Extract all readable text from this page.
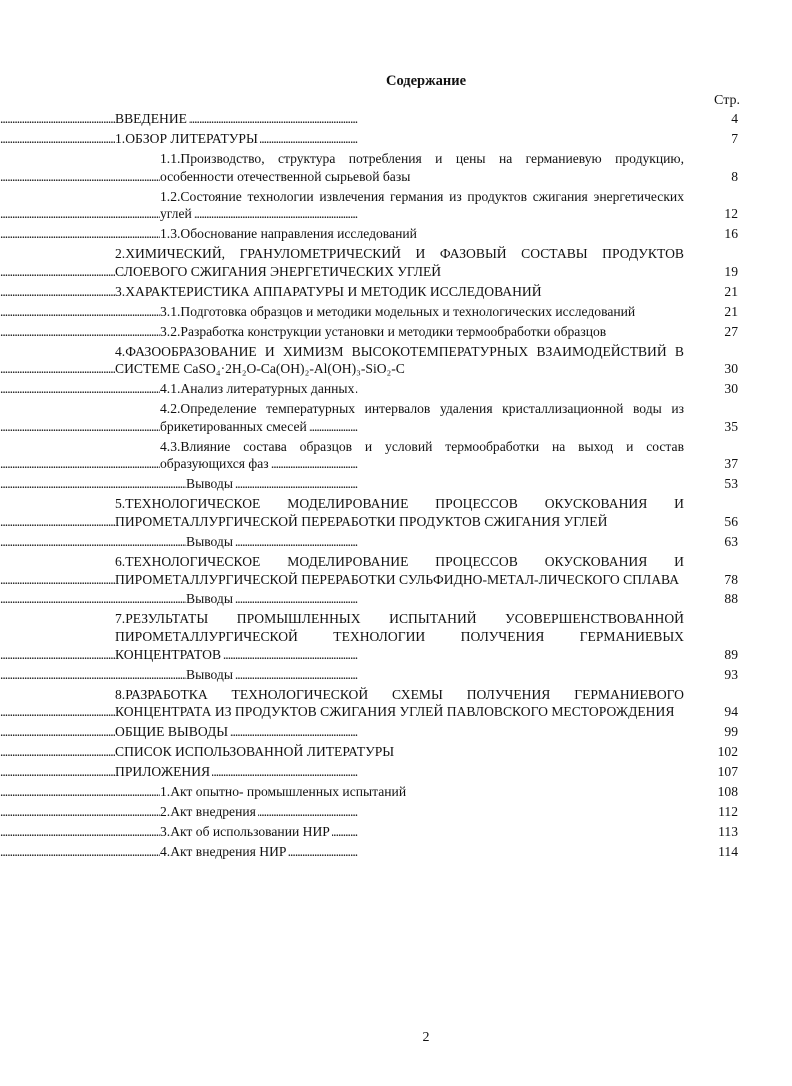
Содержание
Стр.
ВВЕДЕНИЕ . . .	4
1.ОБЗОР ЛИТЕРАТУРЫ . . .	7
1.1.Производство, структура потребления и цены на германиевую продукцию, особенности отечественной сырьевой базы . . .	8
1.2.Состояние технологии извлечения германия из продуктов сжигания энергетических углей . . .	12
1.3.Обоснование направления исследований . . .	16
2.ХИМИЧЕСКИЙ, ГРАНУЛОМЕТРИЧЕСКИЙ И ФАЗОВЫЙ СОСТАВЫ ПРОДУКТОВ СЛОЕВОГО СЖИГАНИЯ ЭНЕРГЕТИЧЕСКИХ УГЛЕЙ . . .	19
3.ХАРАКТЕРИСТИКА АППАРАТУРЫ И МЕТОДИК ИССЛЕДОВАНИЙ . . .	21
3.1.Подготовка образцов и методики модельных и технологических исследований . . .	21
3.2.Разработка конструкции установки и методики термообработки образцов . . .	27
4.ФАЗООБРАЗОВАНИЕ И ХИМИЗМ ВЫСОКОТЕМПЕРАТУРНЫХ ВЗАИМОДЕЙСТВИЙ В СИСТЕМЕ CaSO₄·2H₂O-Ca(OH)₂-Al(OH)₃-SiO₂-C . . .	30
4.1.Анализ литературных данных . . .	30
4.2.Определение температурных интервалов удаления кристаллизационной воды из брикетированных смесей . . .	35
4.3.Влияние состава образцов и условий термообработки на выход и состав образующихся фаз . . .	37
Выводы . . .	53
5.ТЕХНОЛОГИЧЕСКОЕ МОДЕЛИРОВАНИЕ ПРОЦЕССОВ ОКУСКОВАНИЯ И ПИРОМЕТАЛЛУРГИЧЕСКОЙ ПЕРЕРАБОТКИ ПРОДУКТОВ СЖИГАНИЯ УГЛЕЙ . . .	56
Выводы . . .	63
6.ТЕХНОЛОГИЧЕСКОЕ МОДЕЛИРОВАНИЕ ПРОЦЕССОВ ОКУСКОВАНИЯ И ПИРОМЕТАЛЛУРГИЧЕСКОЙ ПЕРЕРАБОТКИ СУЛЬФИДНО-МЕТАЛ-ЛИЧЕСКОГО СПЛАВА . . .	78
Выводы . . .	88
7.РЕЗУЛЬТАТЫ ПРОМЫШЛЕННЫХ ИСПЫТАНИЙ УСОВЕРШЕНСТВОВАННОЙ ПИРОМЕТАЛЛУРГИЧЕСКОЙ ТЕХНОЛОГИИ ПОЛУЧЕНИЯ ГЕРМАНИЕВЫХ КОНЦЕНТРАТОВ . . .	89
Выводы . . .	93
8.РАЗРАБОТКА ТЕХНОЛОГИЧЕСКОЙ СХЕМЫ ПОЛУЧЕНИЯ ГЕРМАНИЕВОГО КОНЦЕНТРАТА ИЗ ПРОДУКТОВ СЖИГАНИЯ УГЛЕЙ ПАВЛОВСКОГО МЕСТОРОЖДЕНИЯ . . .	94
ОБЩИЕ ВЫВОДЫ . . .	99
СПИСОК ИСПОЛЬЗОВАННОЙ ЛИТЕРАТУРЫ . . .	102
ПРИЛОЖЕНИЯ . . .	107
1.Акт опытно- промышленных испытаний . . .	108
2.Акт внедрения . . .	112
3.Акт об использовании НИР . . .	113
4.Акт внедрения НИР . . .	114
2
